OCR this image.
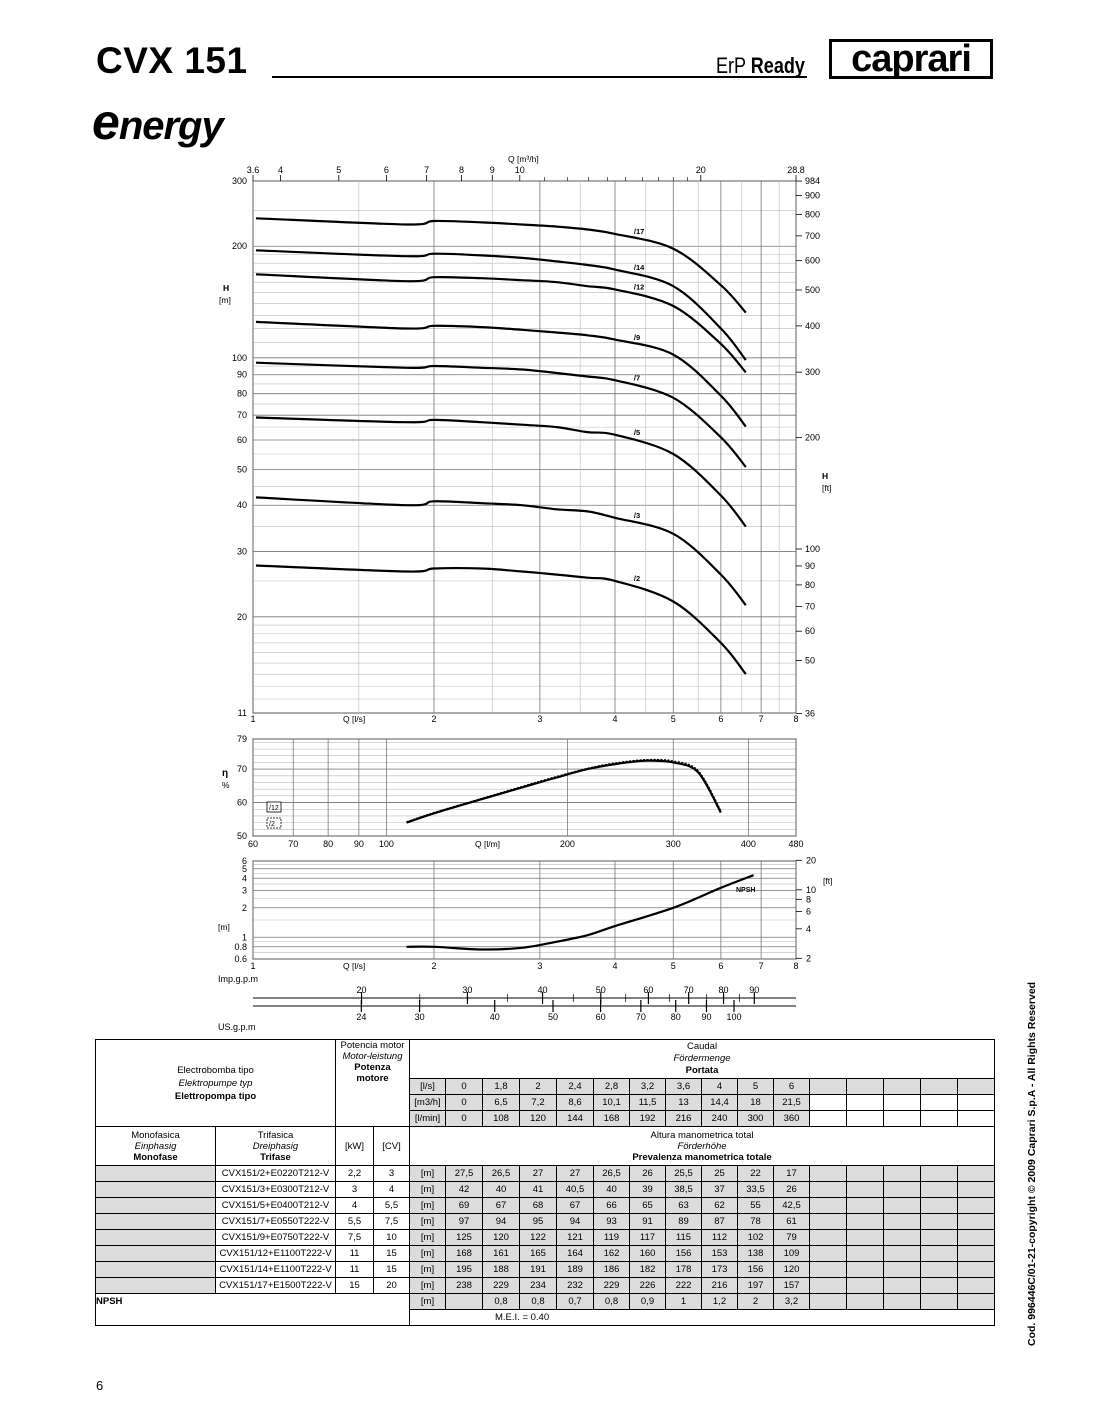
CVX 151	ErP Ready	caprari
energy
11
20
30
40
50
60
70
80
90
100
200
300
1	2	3	4	5	6	7	8
Q [l/s]
H
[m]
3.6 4	5	6	7	8	9 10	20	28.8
Q [m³/h]
36
50
60
70
80
90
100
200
300
400
500
600
700
800
900
984
H
[ft]
/17
/14
/12
/9
/7
/5
/3
/2
50
60
70
79
60	70	80 90 100	200	300	400	480
Q [l/m]
η
%
/12
/2
0.6
0.8
1
2
3
4
5
6
1	2	3	4	5	6	7	8
Q [l/s]
[m]
2
4
6
8
10
20
[ft]
NPSH
Imp.g.p.m
20	30	40	50	60	70	80 90
24	30	40	50	60	70	80 90 100
US.g.p.m
Electrobomba tipo
Elektropumpe typ
Elettropompa tipo		Potencia motor
Motor-leistung
Potenza
motore		Caudal
Fördermenge
Portata															
				[l/s]	0	1,8	2	2,4	2,8	3,2	3,6	4	5	6					
				[m3/h]	0	6,5	7,2	8,6	10,1	11,5	13	14,4	18	21,5					
				[l/min]	0	108	120	144	168	192	216	240	300	360					
Monofasica
Einphasig
Monofase	Trifasica
Dreiphasig
Trifase	[kW]	[CV]	Altura manometrica total
Förderhöhe
Prevalenza manometrica totale															
	CVX151/2+E0220T212-V	2,2	3	[m]	27,5	26,5	27	27	26,5	26	25,5	25	22	17					
	CVX151/3+E0300T212-V	3	4	[m]	42	40	41	40,5	40	39	38,5	37	33,5	26					
	CVX151/5+E0400T212-V	4	5,5	[m]	69	67	68	67	66	65	63	62	55	42,5					
	CVX151/7+E0550T222-V	5,5	7,5	[m]	97	94	95	94	93	91	89	87	78	61					
	CVX151/9+E0750T222-V	7,5	10	[m]	125	120	122	121	119	117	115	112	102	79					
	CVX151/12+E1100T222-V	11	15	[m]	168	161	165	164	162	160	156	153	138	109					
	CVX151/14+E1100T222-V	11	15	[m]	195	188	191	189	186	182	178	173	156	120					
	CVX151/17+E1500T222-V	15	20	[m]	238	229	234	232	229	226	222	216	197	157					
NPSH				[m]		0,8	0,8	0,7	0,8	0,9	1	1,2	2	3,2					
				M.E.I. = 0.40																Cod. 996446C/01-21-copyright © 2009 Caprari S.p.A - All Rights Reserved
6
